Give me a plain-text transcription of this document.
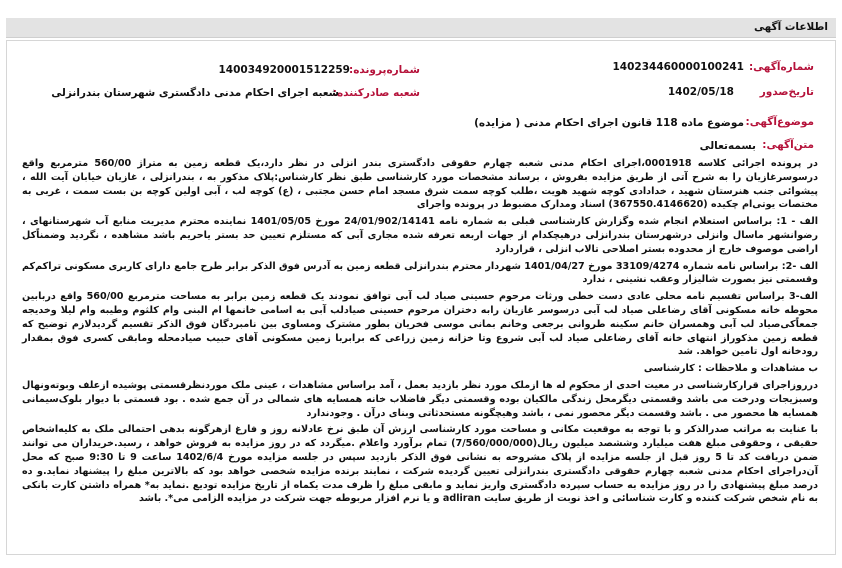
اطلاعات آگهی
شماره‌آگهی:
140234460000100241
شماره‌پرونده:
140034920001512259
تاریخ‌صدور
1402/05/18
شعبه صادر‌کننده:
شعبه اجرای احکام مدنی دادگستری شهرستان بندرانزلی
موضوع‌آگهی:
موضوع ماده 118 قانون اجرای احکام مدنی ( مزایده)
متن‌آگهی:
بسمه‌تعالی

در پرونده اجرائی کلاسه 0001918،اجرای احکام مدنی شعبه چهارم حقوقی دادگستری بندر انزلی در نظر دارد،یک قطعه زمین به متراژ 560/00 مترمربع واقع درسوسرغازیان را به شرح آتی از طریق مزایده بفروش ، برساند مشخصات مورد کارشناسی طبق نظر کارشناس:پلاک مذکور به ، بندرانزلی ، غازیان خیابان آیت الله ، پیشوائی جنب هنرستان شهید ، خدادادی کوچه شهید هویت ،طلب کوچه سمت شرق مسجد امام حسن مجتبی ، (ع) کوچه لب ، آبی اولین کوچه بن بست سمت ، غربی به مختصات یوتی‌ام چکیده (367550.4146620) اسناد ومدارک مضبوط در پرونده واجرای

الف - 1: براساس استعلام انجام شده وگزارش کارشناسی قبلی به شماره نامه 24/01/902/14141 مورخ 1401/05/05 نماینده محترم مدیریت منابع آب شهرستانهای ، رضوانشهر ماسال وانزلی درشهرستان بندرانزلی درهیچکدام از جهات اربعه تعرفه شده مجاری آبی که مستلزم تعیین حد بستر یاحریم باشد مشاهده ، نگردید وضمناًکل اراضی موصوف خارج از محدوده بستر اصلاحی تالاب انزلی ، قراردارد

الف -2: براساس نامه شماره 33109/4274 مورخ 1401/04/27 شهردار محترم بندرانزلی قطعه زمین به آدرس فوق الذکر برابر طرح جامع دارای کاربری مسکونی تراکم‌کم وقسمتی نیز بصورت شالیزار وعقب نشینی ، ندارد

الف-3 براساس تقسیم نامه محلی عادی دست خطی ورثات مرحوم حسینی صیاد لب آبی توافق نمودند یک قطعه زمین برابر به مساحت مترمربع 560/00 واقع دربابین محوطه خانه مسکونی آقای رضاعلی صیاد لب آبی درسوسر غازیان رابه دختران مرحوم حسینی صیادلب آبی به اسامی خانمها ام البنی وام کلثوم وطیبه وام لیلا وخدیجه جمعاًکی‌صیاد لب آبی وهمسران خانم سکینه طروانی برجعی وخانم بمانی موسی فخریان بطور مشترک ومساوی بین نامبردگان فوق الذکر تقسیم گردیدلازم توضیح که قطعه زمین مذکوراز انتهای خانه آقای رضاعلی صیاد لب آبی شروع وتا خزانه زمین زراعی که برابربا زمین مسکونی آقای حبیب صیادمحله ومابقی کسری فوق بمقدار رودخانه اول تامین خواهد. شد

ب مشاهدات و ملاحظات : کارشناسی

درروزاجرای قرارکارشناسی در معیت احدی از محکوم له ها ازملک مورد نظر بازدید بعمل ، آمد براساس مشاهدات ، عینی ملک موردنظرقسمتی پوشیده ازعلف وبوته‌ونهال وسبزیجات ودرخت می باشد وقسمتی دیگرمحل زندگی مالکیان بوده وقسمتی دیگر فاضلاب خانه همسایه های شمالی در آن جمع شده . بود قسمتی با دیوار بلوک‌سیمانی همسایه ها محصور می . باشد وقسمت دیگر محصور نمی ، باشد وهیچگونه مستحدثاتی وبنای درآن . وجودندارد

با عنایت به مراتب صدرالذکر و با توجه به موقعیت مکانی و مساحت مورد کارشناسی ارزش آن طبق نرخ عادلانه روز و فارغ ازهرگونه بدهی احتمالی ملک به کلیه‌اشخاص حقیقی ، وحقوقی مبلغ هفت میلیارد وششصد میلیون ریال(7/560/000/000) تمام برآورد واعلام .میگردد که در روز مزایده به فروش خواهد ، رسید.خریداران می توانند ضمن دریافت کد تا 5 روز قبل از جلسه مزایده از پلاک مشروحه به نشانی فوق الذکر بازدید سپس در جلسه مزایده مورخ 1402/6/4 ساعت 9 تا 9:30 صبح که محل آن‌دراجرای احکام مدنی شعبه چهارم حقوقی دادگستری بندرانزلی تعیین گردیده شرکت ، نمایند برنده مزایده شخصی خواهد بود که بالاترین مبلغ را پیشنهاد نماید.و ده درصد مبلغ پیشنهادی را در روز مزایده به حساب سپرده دادگستری واریز نماید و مابقی مبلغ را ظرف مدت یکماه از تاریخ مزایده تودیع .نماید به* همراه داشتن کارت بانکی به نام شخص شرکت کننده و کارت شناسائی و اخذ نوبت از طریق سایت adliran و یا نرم افزار مربوطه جهت شرکت در مزایده الزامی می*. باشد
